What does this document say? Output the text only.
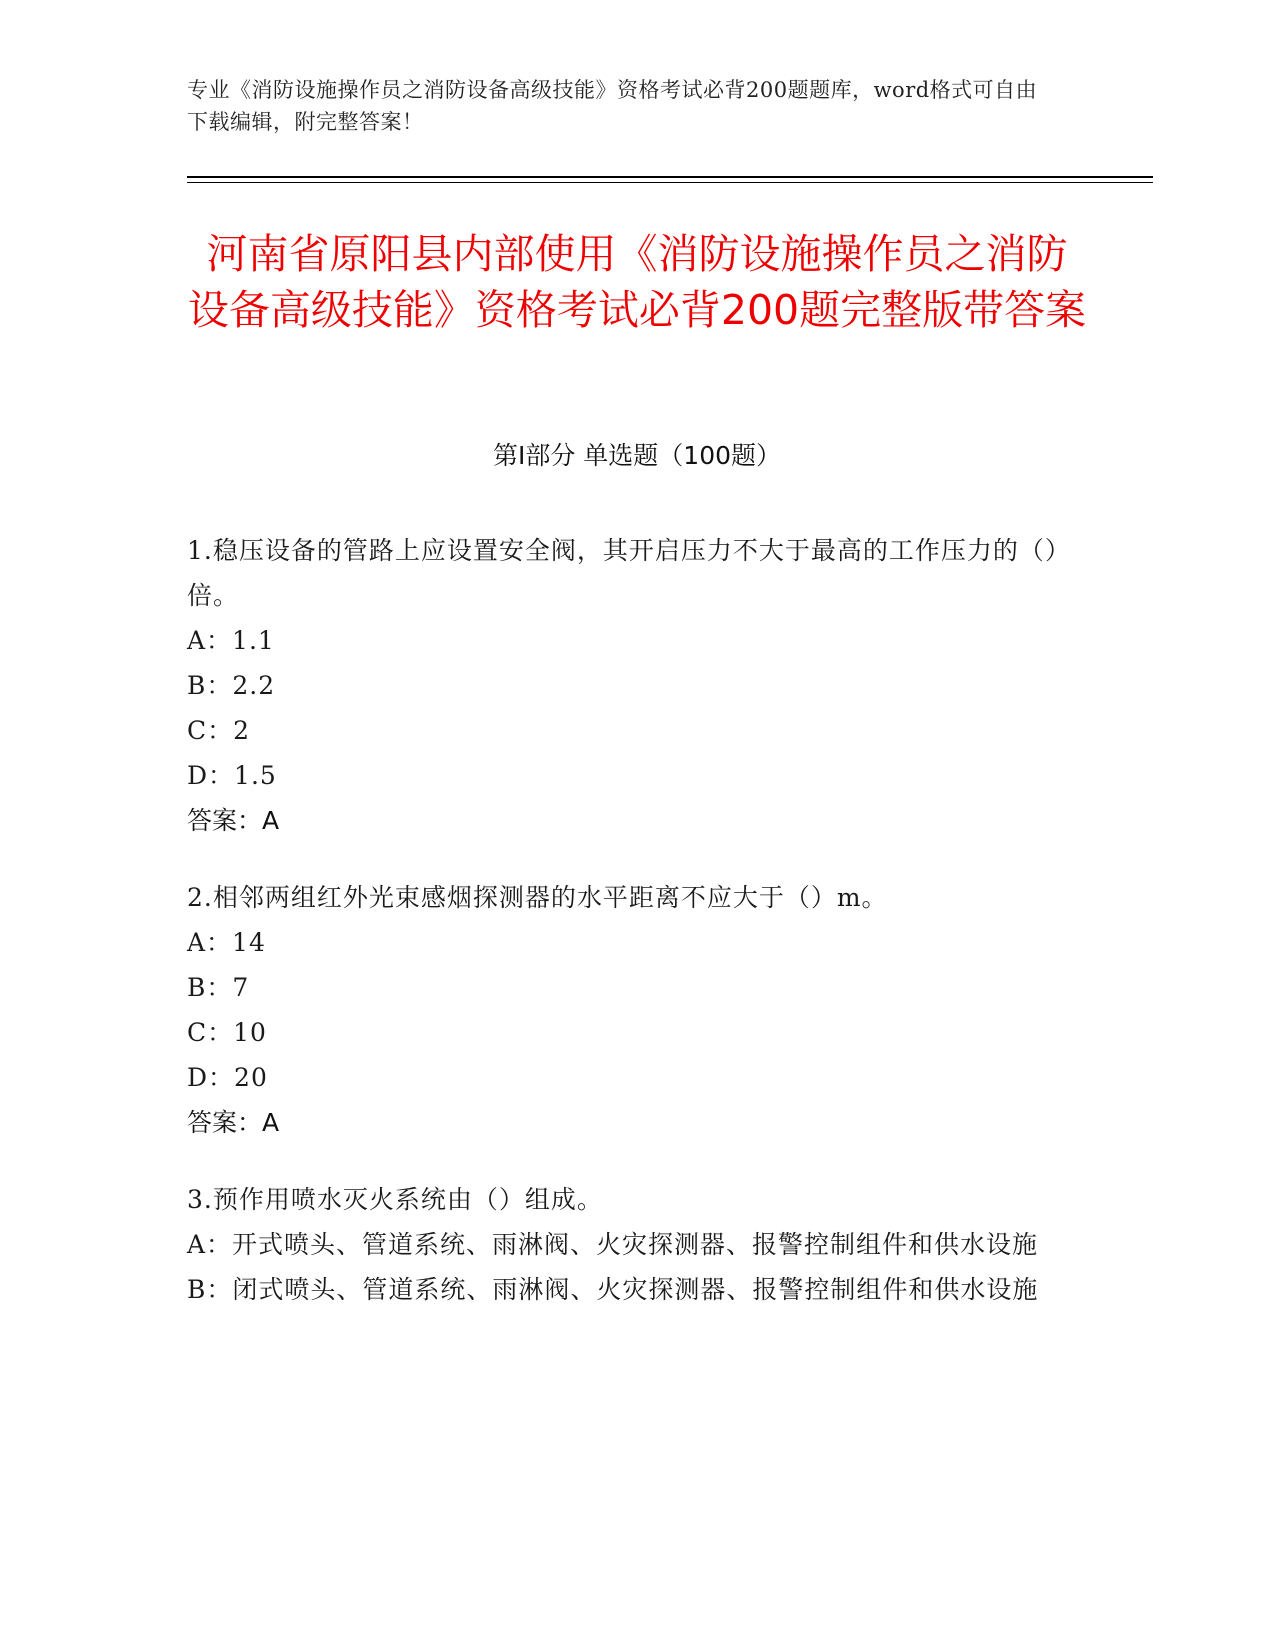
专业《消防设施操作员之消防设备高级技能》资格考试必背200题题库，word格式可自由下载编辑，附完整答案！
河南省原阳县内部使用《消防设施操作员之消防设备高级技能》资格考试必背200题完整版带答案
第Ⅰ部分 单选题（100题）
1.稳压设备的管路上应设置安全阀，其开启压力不大于最高的工作压力的（）倍。
A：1.1
B：2.2
C：2
D：1.5
答案：A
2.相邻两组红外光束感烟探测器的水平距离不应大于（）m。
A：14
B：7
C：10
D：20
答案：A
3.预作用喷水灭火系统由（）组成。
A：开式喷头、管道系统、雨淋阀、火灾探测器、报警控制组件和供水设施
B：闭式喷头、管道系统、雨淋阀、火灾探测器、报警控制组件和供水设施
